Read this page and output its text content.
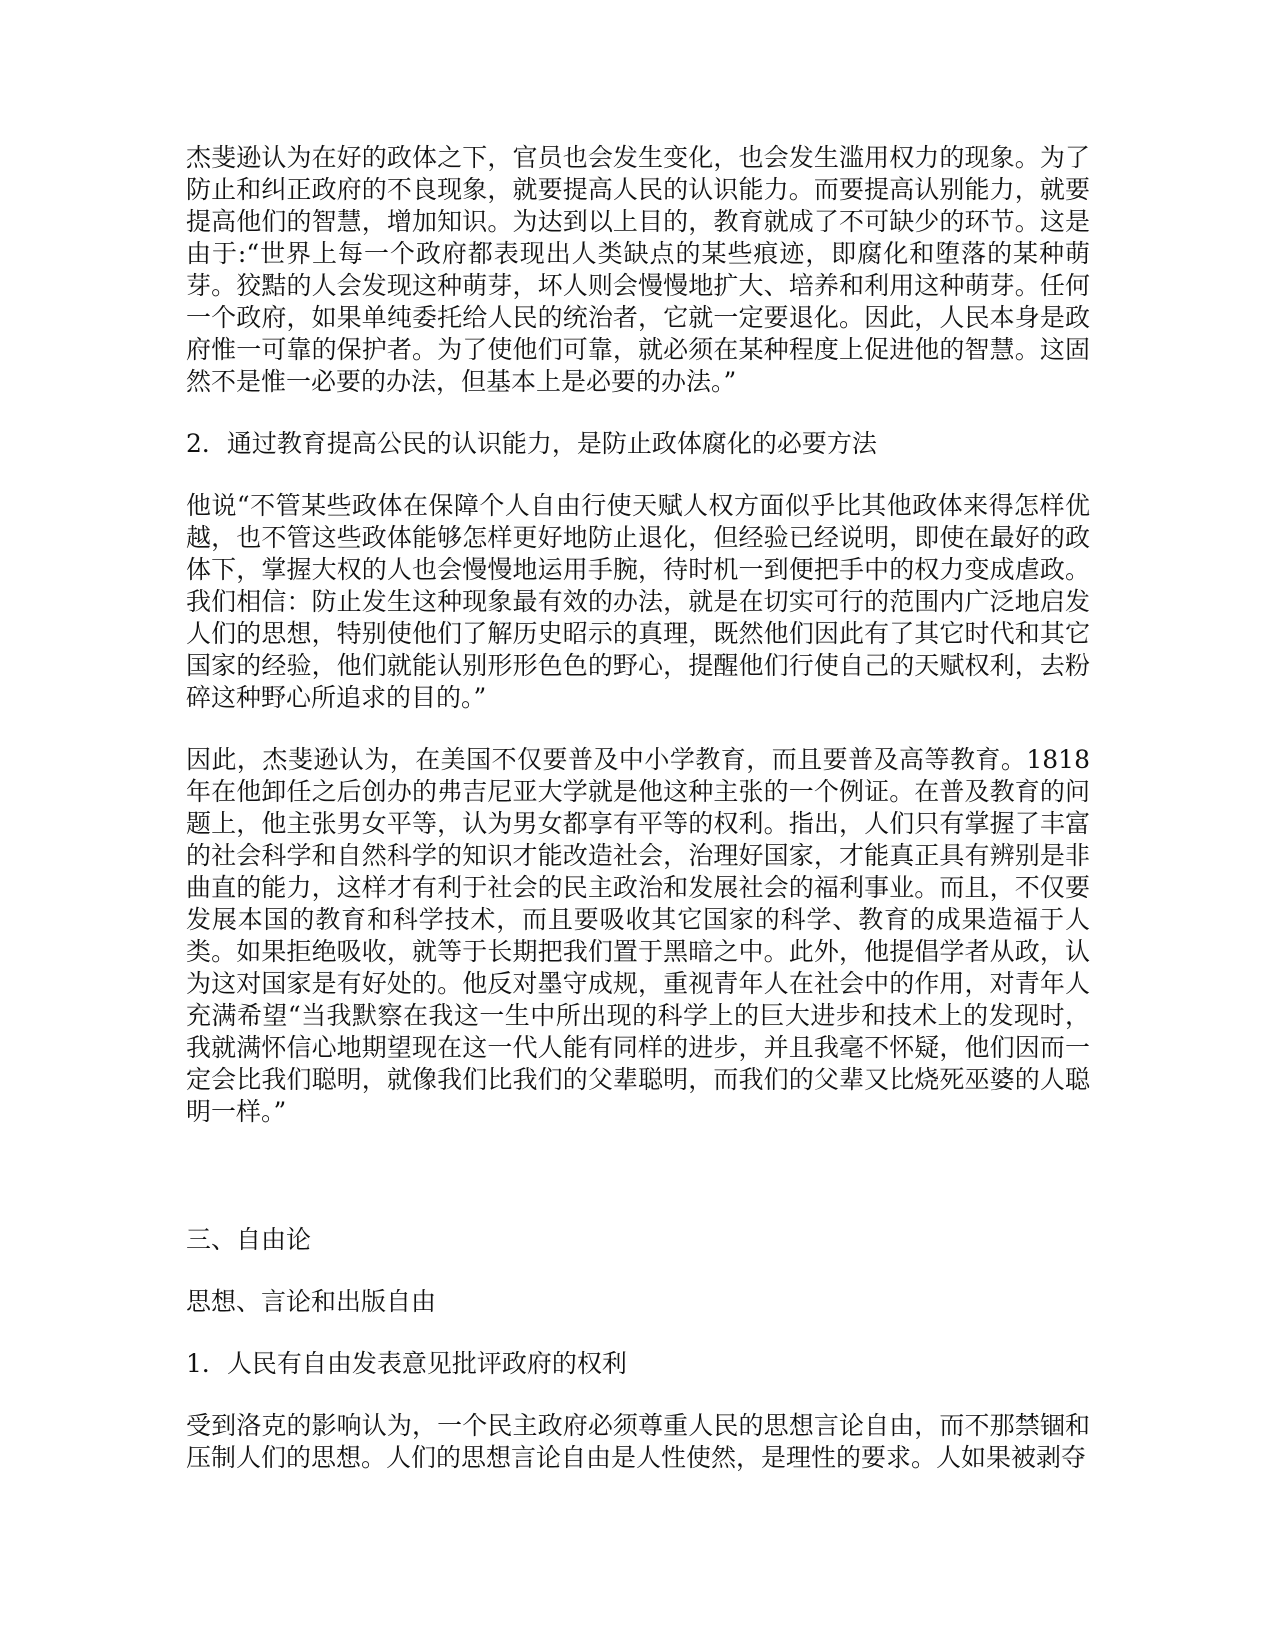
杰斐逊认为在好的政体之下，官员也会发生变化，也会发生滥用权力的现象。为了防止和纠正政府的不良现象，就要提高人民的认识能力。而要提高认别能力，就要提高他们的智慧，增加知识。为达到以上目的，教育就成了不可缺少的环节。这是由于:“世界上每一个政府都表现出人类缺点的某些痕迹，即腐化和堕落的某种萌芽。狡黠的人会发现这种萌芽，坏人则会慢慢地扩大、培养和利用这种萌芽。任何一个政府，如果单纯委托给人民的统治者，它就一定要退化。因此，人民本身是政府惟一可靠的保护者。为了使他们可靠，就必须在某种程度上促进他的智慧。这固然不是惟一必要的办法，但基本上是必要的办法。”

2．通过教育提高公民的认识能力，是防止政体腐化的必要方法

他说“不管某些政体在保障个人自由行使天赋人权方面似乎比其他政体来得怎样优越，也不管这些政体能够怎样更好地防止退化，但经验已经说明，即使在最好的政体下，掌握大权的人也会慢慢地运用手腕，待时机一到便把手中的权力变成虐政。我们相信：防止发生这种现象最有效的办法，就是在切实可行的范围内广泛地启发人们的思想，特别使他们了解历史昭示的真理，既然他们因此有了其它时代和其它国家的经验，他们就能认别形形色色的野心，提醒他们行使自己的天赋权利，去粉碎这种野心所追求的目的。”

因此，杰斐逊认为，在美国不仅要普及中小学教育，而且要普及高等教育。1818年在他卸任之后创办的弗吉尼亚大学就是他这种主张的一个例证。在普及教育的问题上，他主张男女平等，认为男女都享有平等的权利。指出，人们只有掌握了丰富的社会科学和自然科学的知识才能改造社会，治理好国家，才能真正具有辨别是非曲直的能力，这样才有利于社会的民主政治和发展社会的福利事业。而且，不仅要发展本国的教育和科学技术，而且要吸收其它国家的科学、教育的成果造福于人类。如果拒绝吸收，就等于长期把我们置于黑暗之中。此外，他提倡学者从政，认为这对国家是有好处的。他反对墨守成规，重视青年人在社会中的作用，对青年人充满希望“当我默察在我这一生中所出现的科学上的巨大进步和技术上的发现时，我就满怀信心地期望现在这一代人能有同样的进步，并且我毫不怀疑，他们因而一定会比我们聪明，就像我们比我们的父辈聪明，而我们的父辈又比烧死巫婆的人聪明一样。”

三、自由论

思想、言论和出版自由

1．人民有自由发表意见批评政府的权利

受到洛克的影响认为，一个民主政府必须尊重人民的思想言论自由，而不那禁锢和压制人们的思想。人们的思想言论自由是人性使然，是理性的要求。人如果被剥夺
